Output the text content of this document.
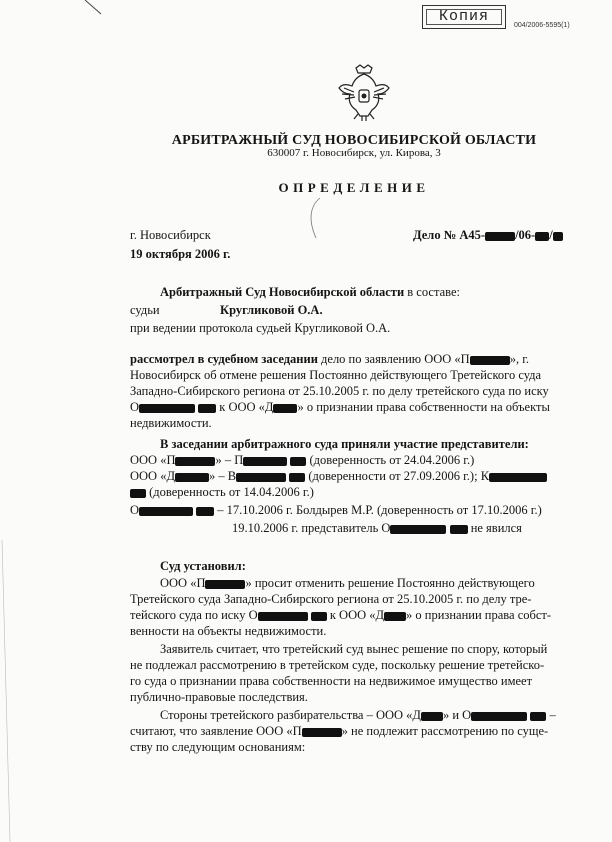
Копия
004/2006-5595(1)
АРБИТРАЖНЫЙ СУД НОВОСИБИРСКОЙ ОБЛАСТИ
630007 г. Новосибирск, ул. Кирова, 3
ОПРЕДЕЛЕНИЕ
г. Новосибирск	Дело № А45- /06- /
19 октября 2006 г.
Арбитражный Суд Новосибирской области в составе:
судьи	Кругликовой О.А.
при ведении протокола судьей Кругликовой О.А.
рассмотрел в судебном заседании дело по заявлению ООО «П	», г.
Новосибирск об отмене решения Постоянно действующего Третейского суда
Западно-Сибирского региона от 25.10.2005 г. по делу третейского суда по иску
О	к ООО «Д » о признании права собственности на объекты
недвижимости.
В заседании арбитражного суда приняли участие представители:
ООО «П	» – П	(доверенность от 24.04.2006 г.)
ООО «Д	» – В	(доверенности от 27.09.2006 г.); К
(доверенность от 14.04.2006 г.)
О	– 17.10.2006 г. Болдырев М.Р. (доверенность от 17.10.2006 г.)
19.10.2006 г. представитель О	не явился
Суд установил:
ООО «П	» просит отменить решение Постоянно действующего
Третейского суда Западно-Сибирского региона от 25.10.2005 г. по делу тре-
тейского суда по иску О	к ООО «Д » о признании права собст-
венности на объекты недвижимости.
Заявитель считает, что третейский суд вынес решение по спору, который
не подлежал рассмотрению в третейском суде, поскольку решение третейско-
го суда о признании права собственности на недвижимое имущество имеет
публично-правовые последствия.
Стороны третейского разбирательства – ООО «Д » и О	–
считают, что заявление ООО «П	» не подлежит рассмотрению по суще-
ству по следующим основаниям:
